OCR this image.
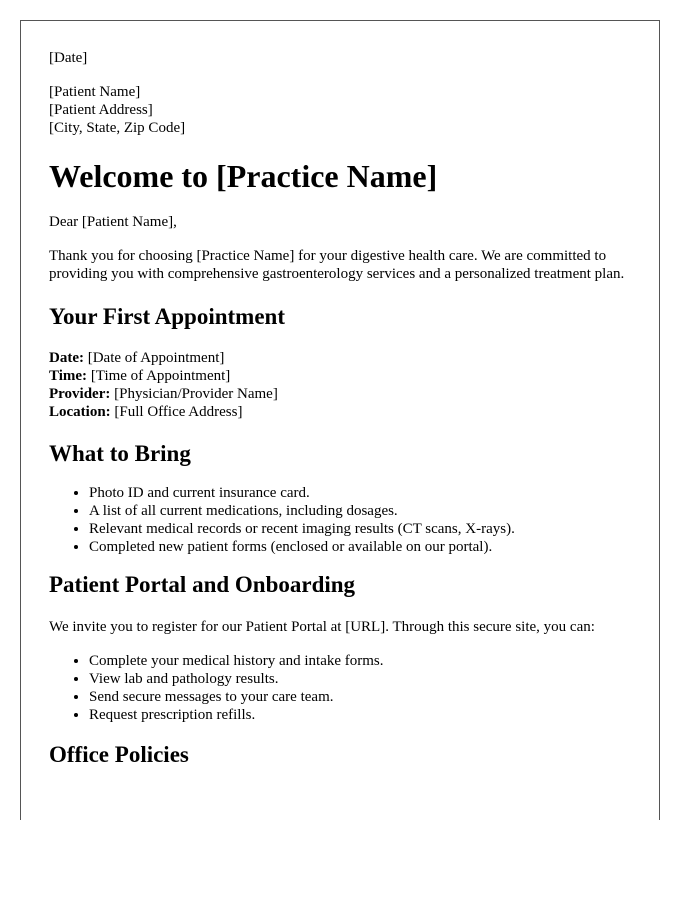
[Date]

[Patient Name]
[Patient Address]
[City, State, Zip Code]
Welcome to [Practice Name]

Dear [Patient Name],

Thank you for choosing [Practice Name] for your digestive health care. We are committed to providing you with comprehensive gastroenterology services and a personalized treatment plan.

Your First Appointment
Date: [Date of Appointment]
Time: [Time of Appointment]
Provider: [Physician/Provider Name]
Location: [Full Office Address]
What to Bring
• Photo ID and current insurance card.
• A list of all current medications, including dosages.
• Relevant medical records or recent imaging results (CT scans, X-rays).
• Completed new patient forms (enclosed or available on our portal).
Patient Portal and Onboarding

We invite you to register for our Patient Portal at [URL]. Through this secure site, you can:

• Complete your medical history and intake forms.
• View lab and pathology results.
• Send secure messages to your care team.
• Request prescription refills.
Office Policies
